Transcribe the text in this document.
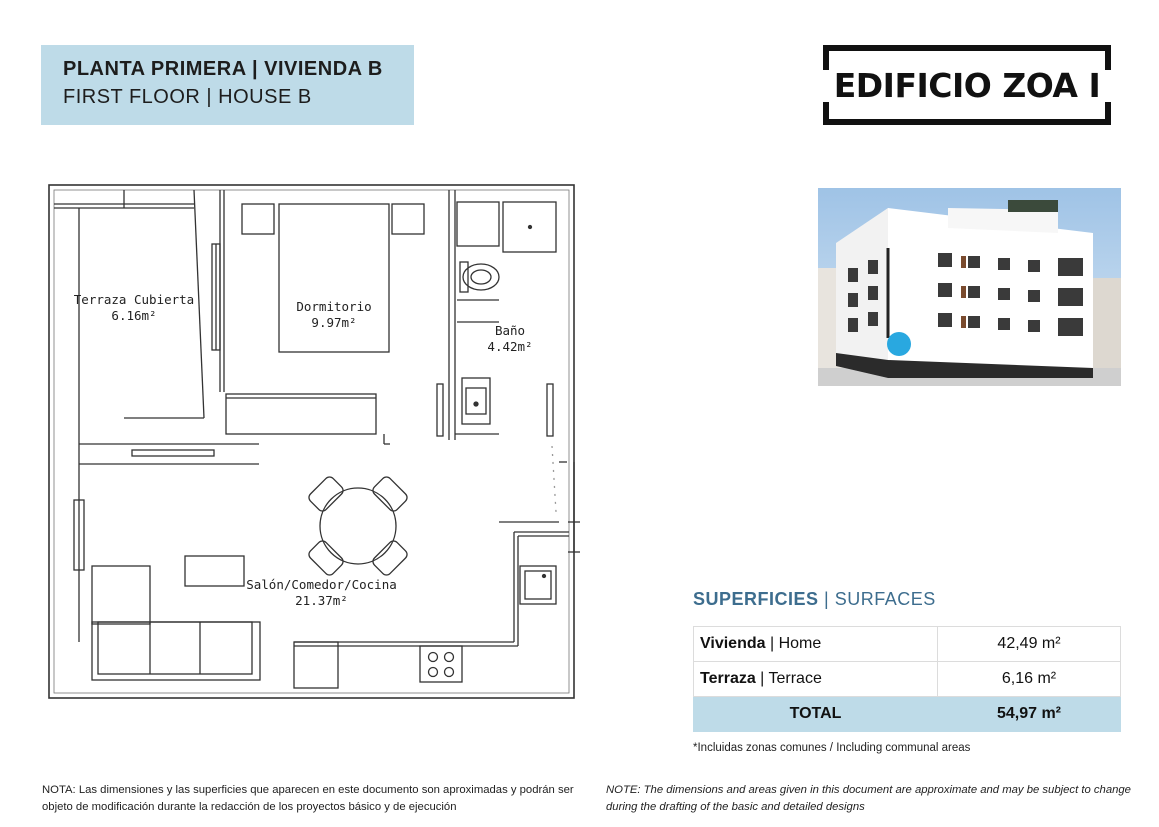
PLANTA PRIMERA | VIVIENDA B
FIRST FLOOR | HOUSE B	EDIFICIO ZOA I
Terraza Cubierta
6.16m²
Dormitorio
9.97m²
Baño
4.42m²
Salón/Comedor/Cocina
21.37m²	SUPERFICIES | SURFACES
Vivienda | Home	42,49 m²
Terraza | Terrace	6,16 m²
TOTAL	54,97 m²
*Incluidas zonas comunes / Including communal areas
NOTA: Las dimensiones y las superficies que aparecen en este documento son aproximadas y podrán ser objeto de modificación durante la redacción de los proyectos básico y de ejecución
NOTE: The dimensions and areas given in this document are approximate and may be subject to change during the drafting of the basic and detailed designs
